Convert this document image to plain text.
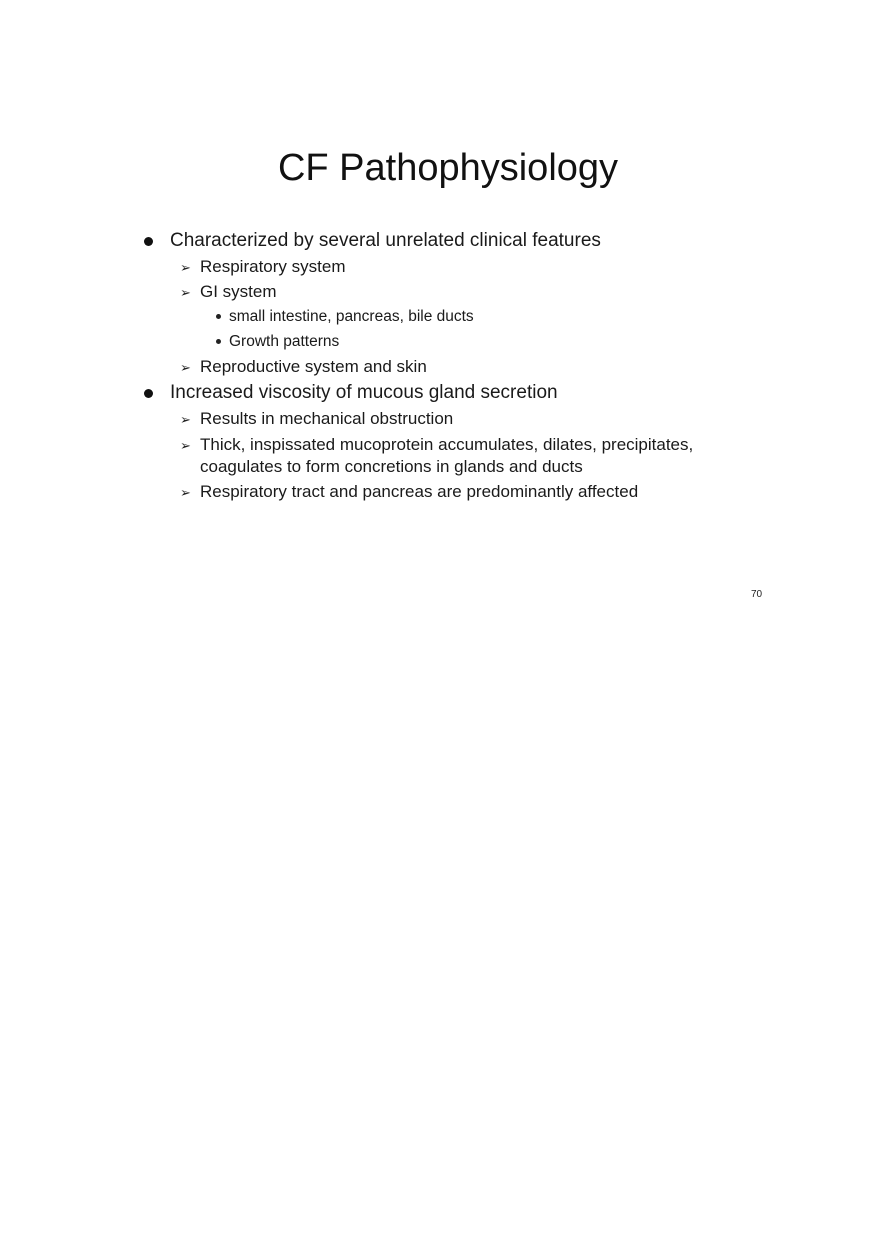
CF Pathophysiology
Characterized by several unrelated clinical features
➢ Respiratory system
➢ GI system
small intestine, pancreas, bile ducts
Growth patterns
➢ Reproductive system and skin
Increased viscosity of mucous gland secretion
➢ Results in mechanical obstruction
➢ Thick, inspissated mucoprotein accumulates, dilates, precipitates,
coagulates to form concretions in glands and ducts
➢ Respiratory tract and pancreas are predominantly affected
70
